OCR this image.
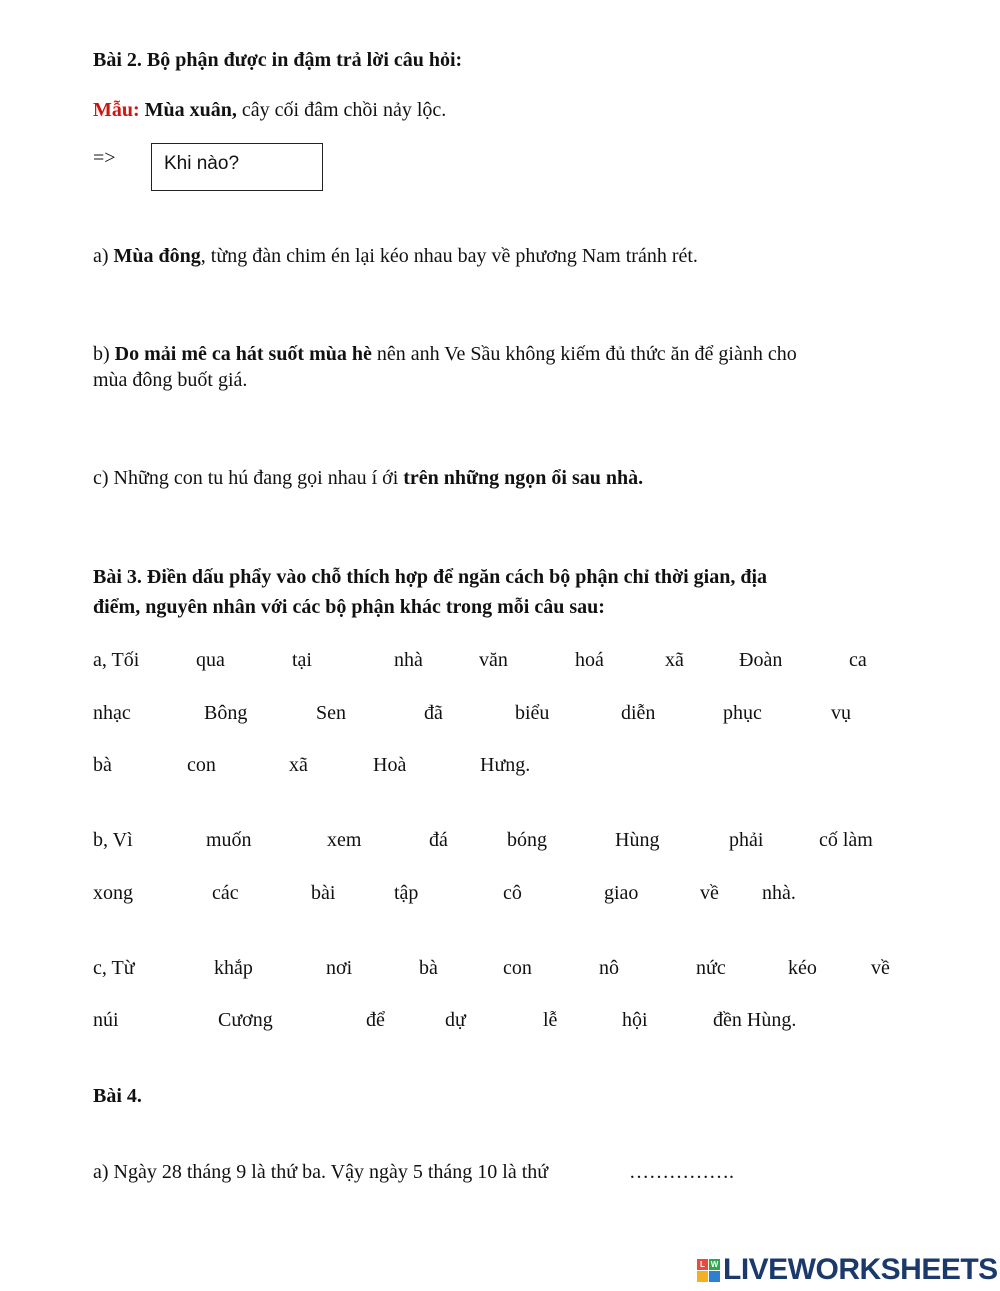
Bài 2. Bộ phận được in đậm trả lời câu hỏi:
Mẫu: Mùa xuân, cây cối đâm chồi nảy lộc.
=>	Khi nào?
a) Mùa đông, từng đàn chim én lại kéo nhau bay về phương Nam tránh rét.
b) Do mải mê ca hát suốt mùa hè nên anh Ve Sầu không kiếm đủ thức ăn để giành cho
mùa đông buốt giá.
c) Những con tu hú đang gọi nhau í ới trên những ngọn ổi sau nhà.
Bài 3. Điền dấu phẩy vào chỗ thích hợp để ngăn cách bộ phận chỉ thời gian, địa
điểm, nguyên nhân với các bộ phận khác trong mỗi câu sau:
a, Tối	qua	tại	nhà	văn	hoá	xã	Đoàn	ca
nhạc	Bông	Sen	đã	biểu	diễn	phục	vụ
bà	con	xã	Hoà	Hưng.
b, Vì	muốn	xem	đá	bóng	Hùng	phải	cố làm
xong	các	bài	tập	cô	giao	về nhà.
c, Từ	khắp	nơi	bà	con	nô	nức	kéo	về
núi	Cương	để	dự	lễ	hội	đền Hùng.
Bài 4.
a) Ngày 28 tháng 9 là thứ ba. Vậy ngày 5 tháng 10 là thứ	…………….
L W LIVEWORKSHEETS
